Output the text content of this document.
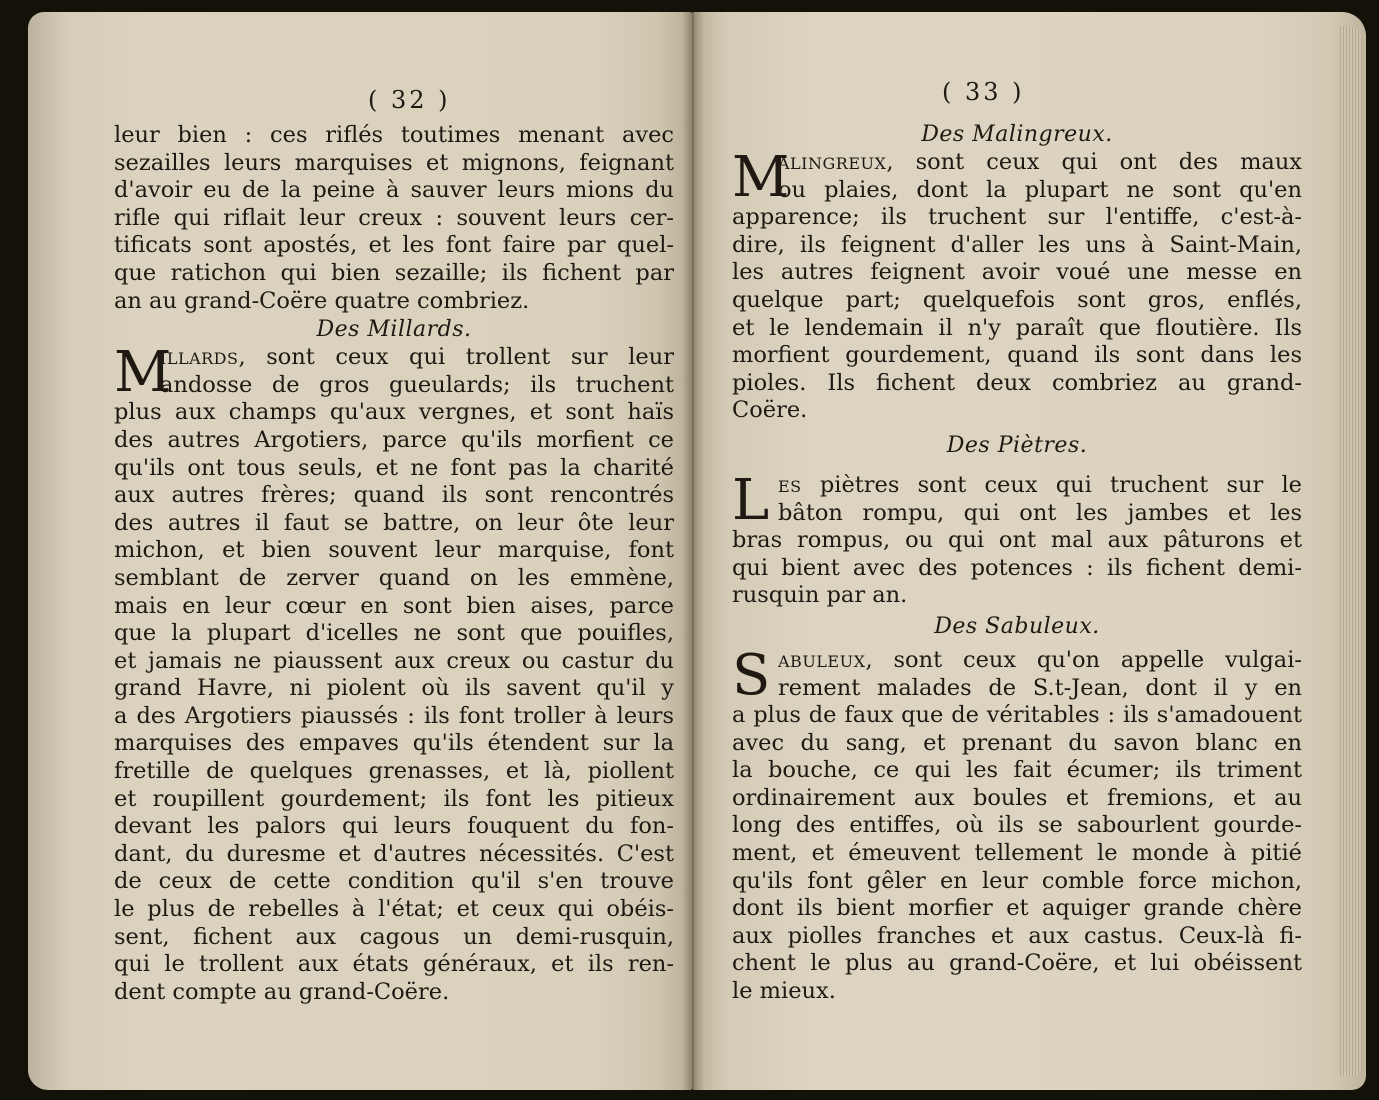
( 32 )
leur bien : ces riflés toutimes menant avec
sezailles leurs marquises et mignons, feignant
d'avoir eu de la peine à sauver leurs mions du
rifle qui riflait leur creux : souvent leurs cer-
tificats sont apostés, et les font faire par quel-
que ratichon qui bien sezaille; ils fichent par
an au grand-Coëre quatre combriez.
Des Millards.
M
illards, sont ceux qui trollent sur leur
andosse de gros gueulards; ils truchent
plus aux champs qu'aux vergnes, et sont haïs
des autres Argotiers, parce qu'ils morfient ce
qu'ils ont tous seuls, et ne font pas la charité
aux autres frères; quand ils sont rencontrés
des autres il faut se battre, on leur ôte leur
michon, et bien souvent leur marquise, font
semblant de zerver quand on les emmène,
mais en leur cœur en sont bien aises, parce
que la plupart d'icelles ne sont que pouifles,
et jamais ne piaussent aux creux ou castur du
grand Havre, ni piolent où ils savent qu'il y
a des Argotiers piaussés : ils font troller à leurs
marquises des empaves qu'ils étendent sur la
fretille de quelques grenasses, et là, piollent
et roupillent gourdement; ils font les pitieux
devant les palors qui leurs fouquent du fon-
dant, du duresme et d'autres nécessités. C'est
de ceux de cette condition qu'il s'en trouve
le plus de rebelles à l'état; et ceux qui obéis-
sent, fichent aux cagous un demi-rusquin,
qui le trollent aux états généraux, et ils ren-
dent compte au grand-Coëre.
( 33 )
Des Malingreux.
M
alingreux, sont ceux qui ont des maux
ou plaies, dont la plupart ne sont qu'en
apparence; ils truchent sur l'entiffe, c'est-à-
dire, ils feignent d'aller les uns à Saint-Main,
les autres feignent avoir voué une messe en
quelque part; quelquefois sont gros, enflés,
et le lendemain il n'y paraît que floutière. Ils
morfient gourdement, quand ils sont dans les
pioles. Ils fichent deux combriez au grand-
Coëre.
Des Piètres.
L es piètres sont ceux qui truchent sur le
bâton rompu, qui ont les jambes et les
bras rompus, ou qui ont mal aux pâturons et
qui bient avec des potences : ils fichent demi-
rusquin par an.
Des Sabuleux.
S abuleux, sont ceux qu'on appelle vulgai-
rement malades de S.t-Jean, dont il y en
a plus de faux que de véritables : ils s'amadouent
avec du sang, et prenant du savon blanc en
la bouche, ce qui les fait écumer; ils triment
ordinairement aux boules et fremions, et au
long des entiffes, où ils se sabourlent gourde-
ment, et émeuvent tellement le monde à pitié
qu'ils font gêler en leur comble force michon,
dont ils bient morfier et aquiger grande chère
aux piolles franches et aux castus. Ceux-là fi-
chent le plus au grand-Coëre, et lui obéissent
le mieux.
